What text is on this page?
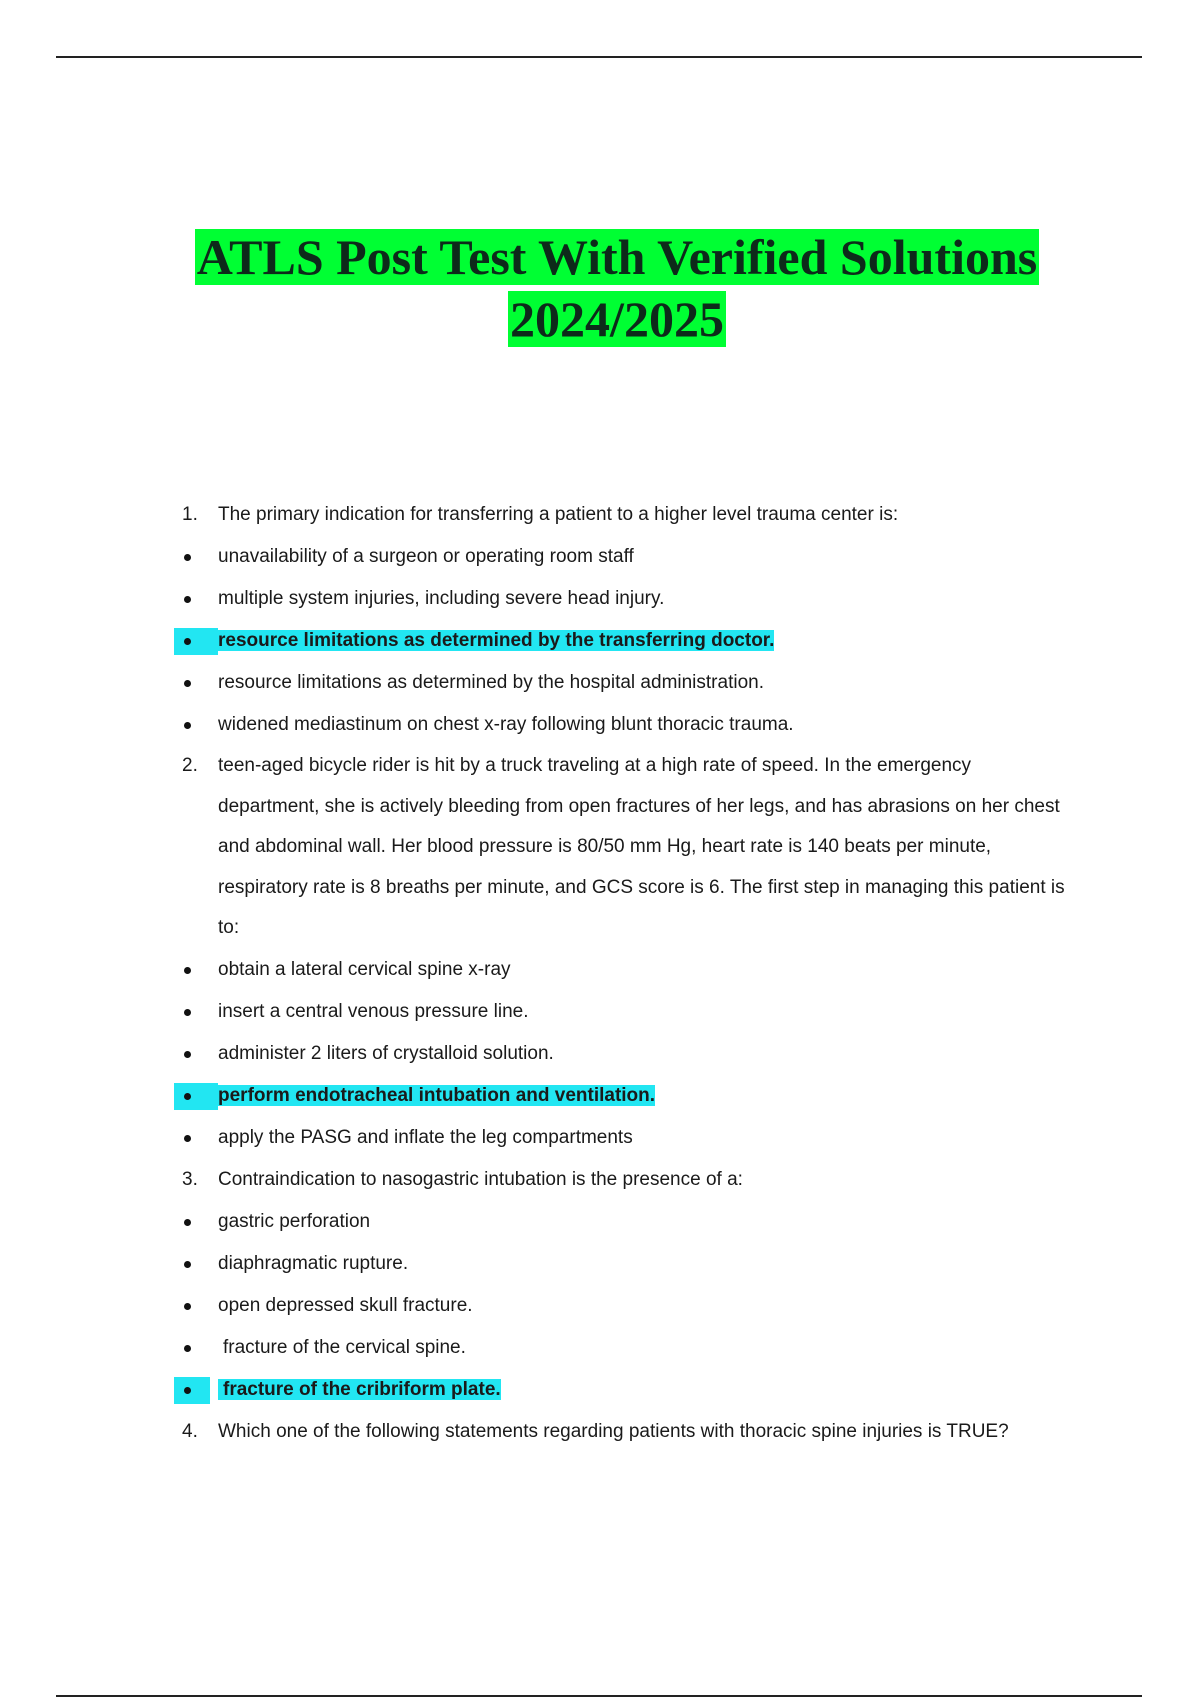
ATLS Post Test With Verified Solutions
2024/2025
1. The primary indication for transferring a patient to a higher level trauma center is:
unavailability of a surgeon or operating room staff
multiple system injuries, including severe head injury.
resource limitations as determined by the transferring doctor.
resource limitations as determined by the hospital administration.
widened mediastinum on chest x-ray following blunt thoracic trauma.
2. teen-aged bicycle rider is hit by a truck traveling at a high rate of speed. In the emergency department, she is actively bleeding from open fractures of her legs, and has abrasions on her chest and abdominal wall. Her blood pressure is 80/50 mm Hg, heart rate is 140 beats per minute, respiratory rate is 8 breaths per minute, and GCS score is 6. The first step in managing this patient is to:
obtain a lateral cervical spine x-ray
insert a central venous pressure line.
administer 2 liters of crystalloid solution.
perform endotracheal intubation and ventilation.
apply the PASG and inflate the leg compartments
3. Contraindication to nasogastric intubation is the presence of a:
gastric perforation
diaphragmatic rupture.
open depressed skull fracture.
fracture of the cervical spine.
fracture of the cribriform plate.
4. Which one of the following statements regarding patients with thoracic spine injuries is TRUE?
